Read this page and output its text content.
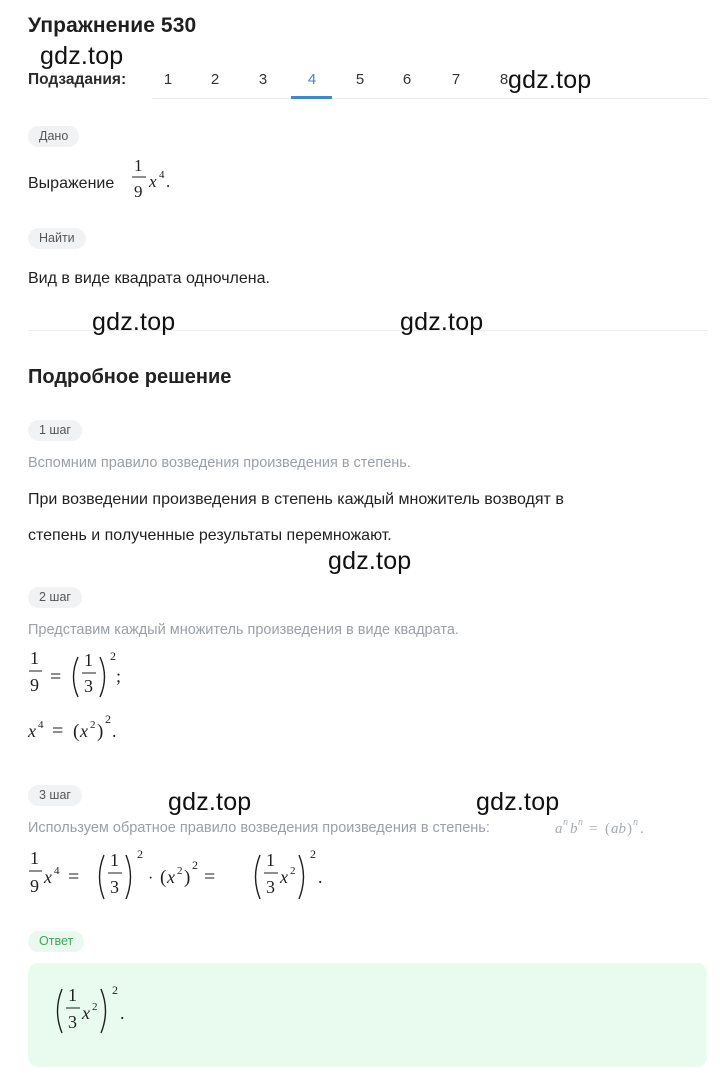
Упражнение 530
Подзадания:	1	2	3	4	5	6	7	8
Дано
Выражение
1
9
x 4 .
Найти
Вид в виде квадрата одночлена.
Подробное решение
1 шаг
Вспомним правило возведения произведения в степень.
При возведении произведения в степень каждый множитель возводят в
степень и полученные результаты перемножают.
2 шаг
Представим каждый множитель произведения в виде квадрата.
1
9 =
1
3
2
;
x 4 = ( x 2 )
2
.
3 шаг
Используем обратное правило возведения произведения в степень:	a n b n = ( ab ) n .
1
9 x 4 =
1
3
2
· ( x 2 )
2
=
1
3 x 2
2
.
Ответ
1
3 x 2
2
.
gdz.top
gdz.top
gdz.top	gdz.top
gdz.top
gdz.top	gdz.top
